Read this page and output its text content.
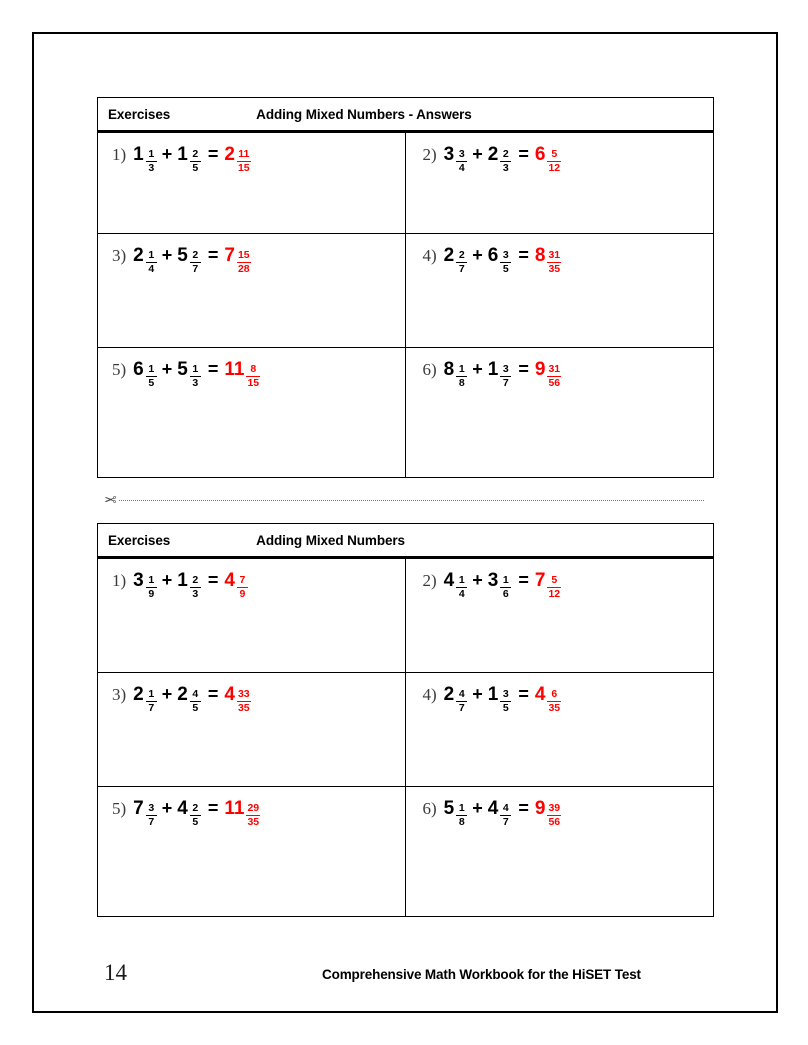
Exercises	Adding Mixed Numbers - Answers
1) $1 \frac{1}{3} + 1 \frac{2}{5} = 2 \frac{11}{15}$	2) $3 \frac{3}{4} + 2 \frac{2}{3} = 6 \frac{5}{12}$
3) $2 \frac{1}{4} + 5 \frac{2}{7} = 7 \frac{15}{28}$	4) $2 \frac{2}{7} + 6 \frac{3}{5} = 8 \frac{31}{35}$
5) $6 \frac{1}{5} + 5 \frac{1}{3} = 11 \frac{8}{15}$	6) $8 \frac{1}{8} + 1 \frac{3}{7} = 9 \frac{31}{56}$
✂
Exercises	Adding Mixed Numbers
1) $3 \frac{1}{9} + 1 \frac{2}{3} = 4 \frac{7}{9}$	2) $4 \frac{1}{4} + 3 \frac{1}{6} = 7 \frac{5}{12}$
3) $2 \frac{1}{7} + 2 \frac{4}{5} = 4 \frac{33}{35}$	4) $2 \frac{4}{7} + 1 \frac{3}{5} = 4 \frac{6}{35}$
5) $7 \frac{3}{7} + 4 \frac{2}{5} = 11 \frac{29}{35}$	6) $5 \frac{1}{8} + 4 \frac{4}{7} = 9 \frac{39}{56}$
14	Comprehensive Math Workbook for the HiSET Test
